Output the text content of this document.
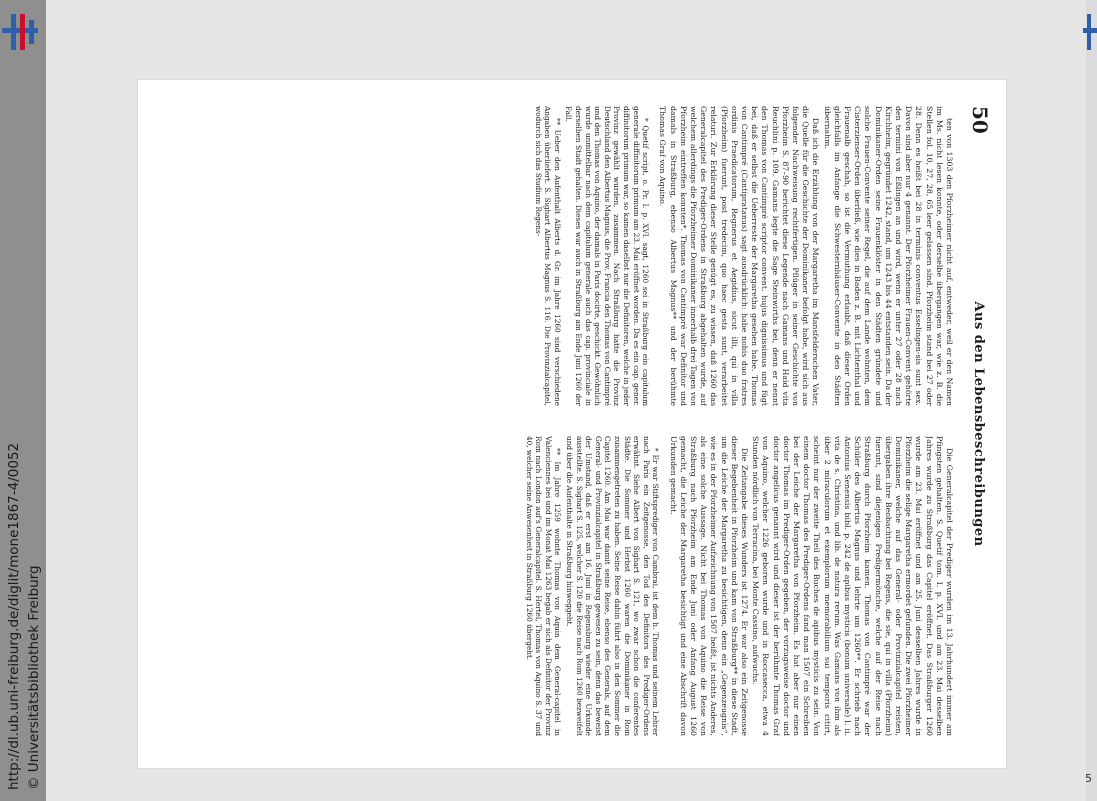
http://dl.ub.uni-freiburg.de/diglit/mone1867-4/0052 © Universitätsbibliothek Freiburg	5
50
Aus den Lebensbeschreibungen

ten von 1303 den Pforzheimer nicht auf, entweder, weil er den Namen im Ms. nicht lesen konnte, oder derselbe übergangen war, wie z. B. die Stellen fol. 10, 27, 28, 65 leer gelassen sind. Pforzheim stand bei 27 oder 28. Denn es heißt bei 28 in terminis conventus Esselingen-sis sunt sex. Davon sind aber nur 4 genannt. Der Pforzheimer Frauen-Convent gehörte den termini von Eßlingen an und wird, wenn er unter 27 oder 28 nach Kirchheim, gegründet 1242, stand, um 1243 bis 44 entstanden sein. Da der Dominikaner-Orden seine Frauenklöster in den Städten gründete und solche Frauen-Convente seiner Regel, die auf dem Lande wohnten, dem Cisterzienser-Orden überließ, wie dies in Baden z. B. mit Lichtenthal und Frauenalb geschah, so ist die Vermuthung erlaubt, daß dieser Orden gleichfalls im Anfange die Schwesternhäuser-Convente in den Städten übernahm.

Daß ich die Erzählung von der Margaretha im Mansfelderschen Vater, die Quelle für die Geschichte der Dominikaner befolgt habe, wird sich aus folgender Nachweisung rechtfertigen. Pflüger in seiner Geschichte von Pforzheim S. 87–90 berichtet diese Legende nach Gamans und Haid vita Reuchlini p. 109. Gamans legte die Sage Steinwirths bei, denn er nennt den Thomas von Cantimpré scriptor convent. hujus dignissimus und fügt bei, daß er selbst die Ueberreste der Margaretha gesehen habe. Thomas von Cantimpré (Cantipratanus) sagt ausdrücklich: habe nobis duo fratres ordinis Praedicatorum, Regnerus et Aegidius, sicut illi, qui in villa (Pforzheim) fuerunt, post tredecim, quo haec gesta sunt, verarbeitet relaturi. Zur Erklärung dieser Stelle genügt es, zu wissen, daß 1260 das Generalcapitel des Prediger-Ordens in Straßburg abgehalten wurde, auf welchem allerdings die Pforzheimer Dominikaner innerhalb drei Tagen von Pforzheim eintreffen konnten*. Thomas von Cantimpré war Definitor und damals in Straßburg, ebenso Albertus Magnus** und der berühmte Thomas Graf von Aquino.

* Quetif script. o. Pr. I. p. XVI. sagt, 1260 sei in Straßburg ein capitulum generale diffinitorum primum am 23. Mai eröffnet worden. Da es ein cap. gener. diffinitorum primum war, so kamen daselbst nur die Definitoren, welche in jeder Provinz gewählt wurden, zusammen. Nach Straßburg hatte die Provinz Deutschland den Albertus Magnus, die Prov. Francia den Thomas von Cantimpré und den Thomas von Aquino, der damals in Paris docirte, geschickt. Gewöhnlich wurde unmittelbar nach dem capitulum generale auch das cap. provinciale in derselben Stadt gehalten. Dieses war auch in Straßburg am Ende Juni 1260 der Fall.

** Ueber den Aufenthalt Alberts d. Gr. im Jahre 1260 sind verschiedene Angaben überliefert. S. Sighart Albertus Magnus S. 116. Die Provinzialcapitel, wodurch sich das Studium Regens-

Die Generalcapitel der Prediger wurden im 13. Jahrhundert immer am Pfingsten gehalten. S. Quetif tom. I. p. XVI. und am 23. Mai desselben Jahres wurde zu Straßburg das Capitel eröffnet. Das Straßburger 1260 wurde am 23. Mai eröffnet und am 25. Juni desselben Jahres wurde in Pforzheim die selige Margaretha ermordet gefunden. Die zwei Pforzheimer Dominikaner, welche auf das General- oder Provinzialcapitel reisten, übergaben ihre Beobachtung bei Regens, die sie, qui in villa (Pforzheim) fuerunt, sind diejenigen Predigermönche, welche auf der Reise nach Straßburg durch Pforzheim kamen. Thomas von Cantimpré war der Schüler des Albertus Magnus und lehrte um 1260**. Er schrieb nach Antonius Senensis bibl. p. 242 de apibus mysticis (bonum universale) l. ii. vita de s. Christina, und lib. de natura rerum. Was Gamans von ihm als über 2 miraculorum et exemplorum memorabilium sui temporis citirt, scheint nur der zweite Theil des Buches de apibus mysticis zu sein. Von einem doctor Thomas des Prediger-Ordens fand man 1507 ein Schreiben bei der Leiche der Margaretha von Pforzheim. Es hat aber nur einen doctor Thomas im Prediger-Orden gegeben, der vorzugsweise doctor und doctor angelicus genannt wird und dieser ist der berühmte Thomas Graf von Aquino, welcher 1226 geboren wurde und in Roccasecca, etwa 4 Stunden nördlich von Terracina, bei Monte Cassino, aufwuchs.

Die Zeitangabe dieses Wunders ist 1274. Er war also ein Zeitgenosse dieser Begebenheit in Pforzheim und kam von Straßburg** in diese Stadt, um die Leiche der Margaretha zu besichtigen, denn ein „Gegenzeugnis“, wie es in der Pforzheimer Aufzeichnung von 1507 heißt, ist nichts Anderes, als eine solche Aussage. Nicht bei Thomas von Aquino die Reise von Straßburg nach Pforzheim am Ende Juni oder Anfang August 1260 gemacht, die Leiche der Margaretha besichtigt und eine Abschrift davon Urkunden gemacht.

* Er war Stiftsprediger von Cambrai, ist dem h. Thomas und seinem Lehrer nach Paris ein Zeitgenosse, den Tod des Definitors des Prediger-Ordens erwähnt. Siehe Albert von Sighart S. 121, wo zwar schon die conferentes Städte. Die Sommer und Herbst 1260 waren die Dominikaner in Rom zusammengetreten zu haben. Seine Reise dahin führt also in den Sommer die Capitel 1260. Am Mai war damit seine Reise, ebenso des Generals, auf dem General- und Provinzialcapitel in Straßburg gewesen zu sein, denn das beweist der Umstand, daß er erst am 16. Juni in Regensburg wieder eine Urkunde ausstellte. S. Sighart S. 125, welcher S. 120 die Reise nach Rom 1260 bezweifelt und über die Aufenthalte in Straßburg hinweggeht.

** Im Jahre 1259 wohnte Thomas von Aquin dem General-capitel in Valenciennes bei und im Monat Mai 1263 begab er sich als Definitor der Provinz Rom nach London auf's Generalcapitel. S. Hertel, Thomas von Aquino S. 37 und 40, welcher seine Anwesenheit in Straßburg 1260 übergeht.
